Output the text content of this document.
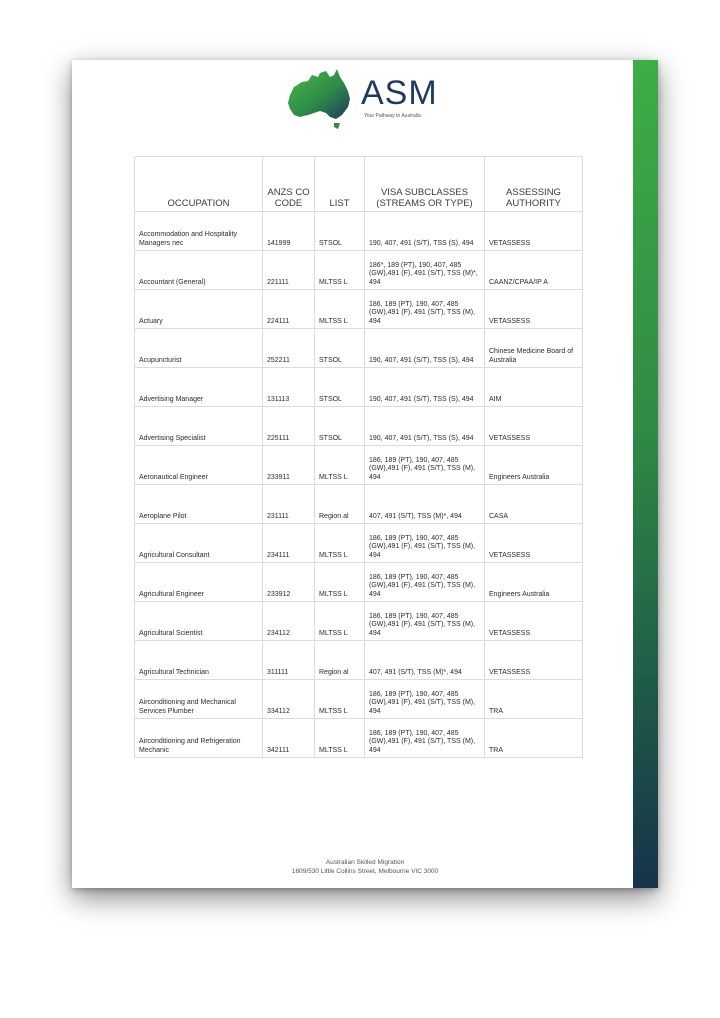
ASM
Your Pathway to Australia
OCCUPATION	ANZS CO CODE	LIST	VISA SUBCLASSES (STREAMS OR TYPE)	ASSESSING AUTHORITY
Accommodation and Hospitality Managers nec	141999	STSOL	190, 407, 491 (S/T), TSS (S), 494	VETASSESS
Accountant (General)	221111	MLTSS L	186*, 189 (PT), 190, 407, 485 (GW),491 (F), 491 (S/T), TSS (M)*, 494	CAANZ/CPAA/IP A
Actuary	224111	MLTSS L	186, 189 (PT), 190, 407, 485 (GW),491 (F), 491 (S/T), TSS (M), 494	VETASSESS
Acupuncturist	252211	STSOL	190, 407, 491 (S/T), TSS (S), 494	Chinese Medicine Board of Australia
Advertising Manager	131113	STSOL	190, 407, 491 (S/T), TSS (S), 494	AIM
Advertising Specialist	225111	STSOL	190, 407, 491 (S/T), TSS (S), 494	VETASSESS
Aeronautical Engineer	233911	MLTSS L	186, 189 (PT), 190, 407, 485 (GW),491 (F), 491 (S/T), TSS (M), 494	Engineers Australia
Aeroplane Pilot	231111	Region al	407, 491 (S/T), TSS (M)*, 494	CASA
Agricultural Consultant	234111	MLTSS L	186, 189 (PT), 190, 407, 485 (GW),491 (F), 491 (S/T), TSS (M), 494	VETASSESS
Agricultural Engineer	233912	MLTSS L	186, 189 (PT), 190, 407, 485 (GW),491 (F), 491 (S/T), TSS (M), 494	Engineers Australia
Agricultural Scientist	234112	MLTSS L	186, 189 (PT), 190, 407, 485 (GW),491 (F), 491 (S/T), TSS (M), 494	VETASSESS
Agricultural Technician	311111	Region al	407, 491 (S/T), TSS (M)*, 494	VETASSESS
Airconditioning and Mechanical Services Plumber	334112	MLTSS L	186, 189 (PT), 190, 407, 485 (GW),491 (F), 491 (S/T), TSS (M), 494	TRA
Airconditioning and Refrigeration Mechanic	342111	MLTSS L	186, 189 (PT), 190, 407, 485 (GW),491 (F), 491 (S/T), TSS (M), 494	TRA
Australian Skilled Migration
1609/530 Little Collins Street, Melbourne VIC 3000
